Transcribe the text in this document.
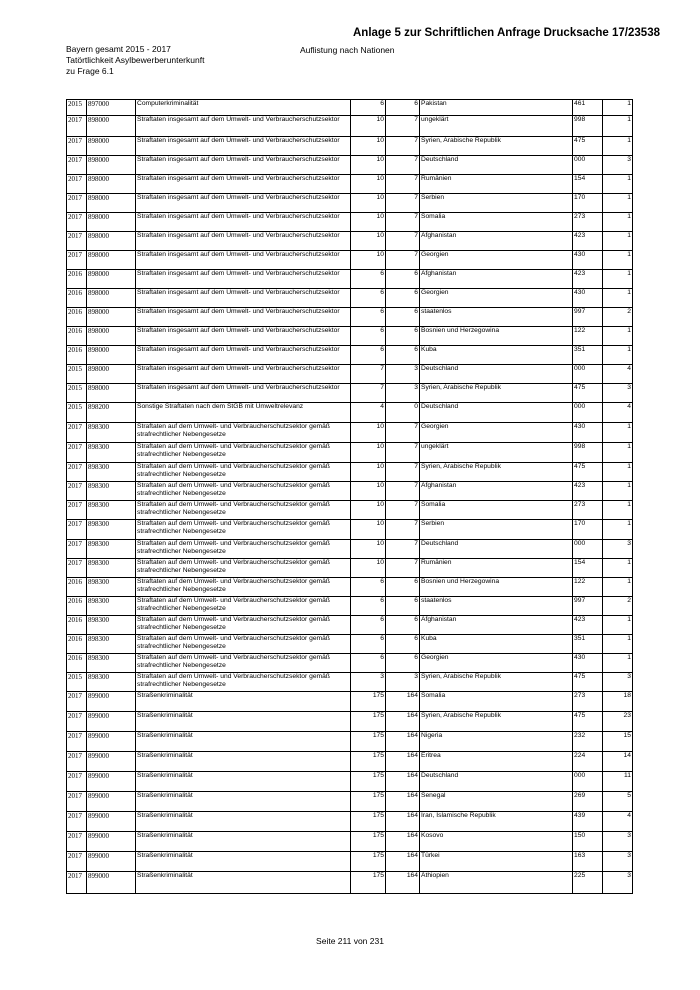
Anlage 5 zur Schriftlichen Anfrage Drucksache 17/23538
Bayern gesamt 2015 - 2017
Tatörtlichkeit Asylbewerberunterkunft
zu Frage 6.1
Auflistung nach Nationen
2015	897000	Computerkriminalität	6	6	Pakistan	461	1
2017	898000	Straftaten insgesamt auf dem Umwelt- und Verbraucherschutzsektor	10	7	ungeklärt	998	1
2017	898000	Straftaten insgesamt auf dem Umwelt- und Verbraucherschutzsektor	10	7	Syrien, Arabische Republik	475	1
2017	898000	Straftaten insgesamt auf dem Umwelt- und Verbraucherschutzsektor	10	7	Deutschland	000	3
2017	898000	Straftaten insgesamt auf dem Umwelt- und Verbraucherschutzsektor	10	7	Rumänien	154	1
2017	898000	Straftaten insgesamt auf dem Umwelt- und Verbraucherschutzsektor	10	7	Serbien	170	1
2017	898000	Straftaten insgesamt auf dem Umwelt- und Verbraucherschutzsektor	10	7	Somalia	273	1
2017	898000	Straftaten insgesamt auf dem Umwelt- und Verbraucherschutzsektor	10	7	Afghanistan	423	1
2017	898000	Straftaten insgesamt auf dem Umwelt- und Verbraucherschutzsektor	10	7	Georgien	430	1
2016	898000	Straftaten insgesamt auf dem Umwelt- und Verbraucherschutzsektor	6	6	Afghanistan	423	1
2016	898000	Straftaten insgesamt auf dem Umwelt- und Verbraucherschutzsektor	6	6	Georgien	430	1
2016	898000	Straftaten insgesamt auf dem Umwelt- und Verbraucherschutzsektor	6	6	staatenlos	997	2
2016	898000	Straftaten insgesamt auf dem Umwelt- und Verbraucherschutzsektor	6	6	Bosnien und Herzegowina	122	1
2016	898000	Straftaten insgesamt auf dem Umwelt- und Verbraucherschutzsektor	6	6	Kuba	351	1
2015	898000	Straftaten insgesamt auf dem Umwelt- und Verbraucherschutzsektor	7	3	Deutschland	000	4
2015	898000	Straftaten insgesamt auf dem Umwelt- und Verbraucherschutzsektor	7	3	Syrien, Arabische Republik	475	3
2015	898200	Sonstige Straftaten nach dem StGB mit Umweltrelevanz	4	0	Deutschland	000	4
2017	898300	Straftaten auf dem Umwelt- und Verbraucherschutzsektor gemäß strafrechtlicher Nebengesetze	10	7	Georgien	430	1
2017	898300	Straftaten auf dem Umwelt- und Verbraucherschutzsektor gemäß strafrechtlicher Nebengesetze	10	7	ungeklärt	998	1
2017	898300	Straftaten auf dem Umwelt- und Verbraucherschutzsektor gemäß strafrechtlicher Nebengesetze	10	7	Syrien, Arabische Republik	475	1
2017	898300	Straftaten auf dem Umwelt- und Verbraucherschutzsektor gemäß strafrechtlicher Nebengesetze	10	7	Afghanistan	423	1
2017	898300	Straftaten auf dem Umwelt- und Verbraucherschutzsektor gemäß strafrechtlicher Nebengesetze	10	7	Somalia	273	1
2017	898300	Straftaten auf dem Umwelt- und Verbraucherschutzsektor gemäß strafrechtlicher Nebengesetze	10	7	Serbien	170	1
2017	898300	Straftaten auf dem Umwelt- und Verbraucherschutzsektor gemäß strafrechtlicher Nebengesetze	10	7	Deutschland	000	3
2017	898300	Straftaten auf dem Umwelt- und Verbraucherschutzsektor gemäß strafrechtlicher Nebengesetze	10	7	Rumänien	154	1
2016	898300	Straftaten auf dem Umwelt- und Verbraucherschutzsektor gemäß strafrechtlicher Nebengesetze	6	6	Bosnien und Herzegowina	122	1
2016	898300	Straftaten auf dem Umwelt- und Verbraucherschutzsektor gemäß strafrechtlicher Nebengesetze	6	6	staatenlos	997	2
2016	898300	Straftaten auf dem Umwelt- und Verbraucherschutzsektor gemäß strafrechtlicher Nebengesetze	6	6	Afghanistan	423	1
2016	898300	Straftaten auf dem Umwelt- und Verbraucherschutzsektor gemäß strafrechtlicher Nebengesetze	6	6	Kuba	351	1
2016	898300	Straftaten auf dem Umwelt- und Verbraucherschutzsektor gemäß strafrechtlicher Nebengesetze	6	6	Georgien	430	1
2015	898300	Straftaten auf dem Umwelt- und Verbraucherschutzsektor gemäß strafrechtlicher Nebengesetze	3	3	Syrien, Arabische Republik	475	3
2017	899000	Straßenkriminalität	175	164	Somalia	273	18
2017	899000	Straßenkriminalität	175	164	Syrien, Arabische Republik	475	23
2017	899000	Straßenkriminalität	175	164	Nigeria	232	15
2017	899000	Straßenkriminalität	175	164	Eritrea	224	14
2017	899000	Straßenkriminalität	175	164	Deutschland	000	11
2017	899000	Straßenkriminalität	175	164	Senegal	269	5
2017	899000	Straßenkriminalität	175	164	Iran, Islamische Republik	439	4
2017	899000	Straßenkriminalität	175	164	Kosovo	150	3
2017	899000	Straßenkriminalität	175	164	Türkei	163	3
2017	899000	Straßenkriminalität	175	164	Äthiopien	225	3
Seite 211 von 231
